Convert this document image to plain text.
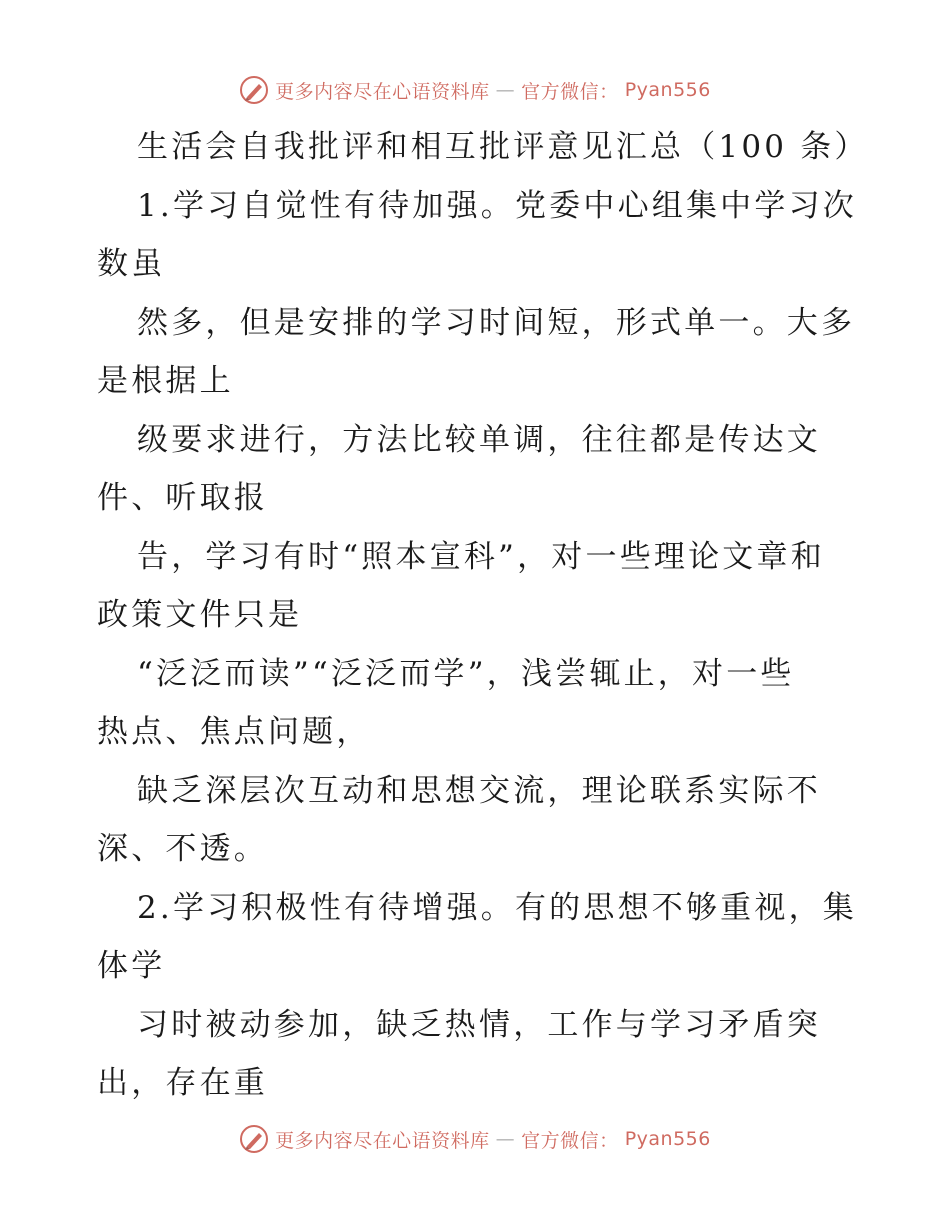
更多内容尽在心语资料库 — 官方微信： Pyan556
生活会自我批评和相互批评意见汇总（100 条）
1.学习自觉性有待加强。党委中心组集中学习次
数虽
然多，但是安排的学习时间短，形式单一。大多
是根据上
级要求进行，方法比较单调，往往都是传达文
件、听取报
告，学习有时“照本宣科”，对一些理论文章和
政策文件只是
“泛泛而读”“泛泛而学”，浅尝辄止，对一些
热点、焦点问题，
缺乏深层次互动和思想交流，理论联系实际不
深、不透。
2.学习积极性有待增强。有的思想不够重视，集
体学
习时被动参加，缺乏热情，工作与学习矛盾突
出，存在重
更多内容尽在心语资料库 — 官方微信： Pyan556
